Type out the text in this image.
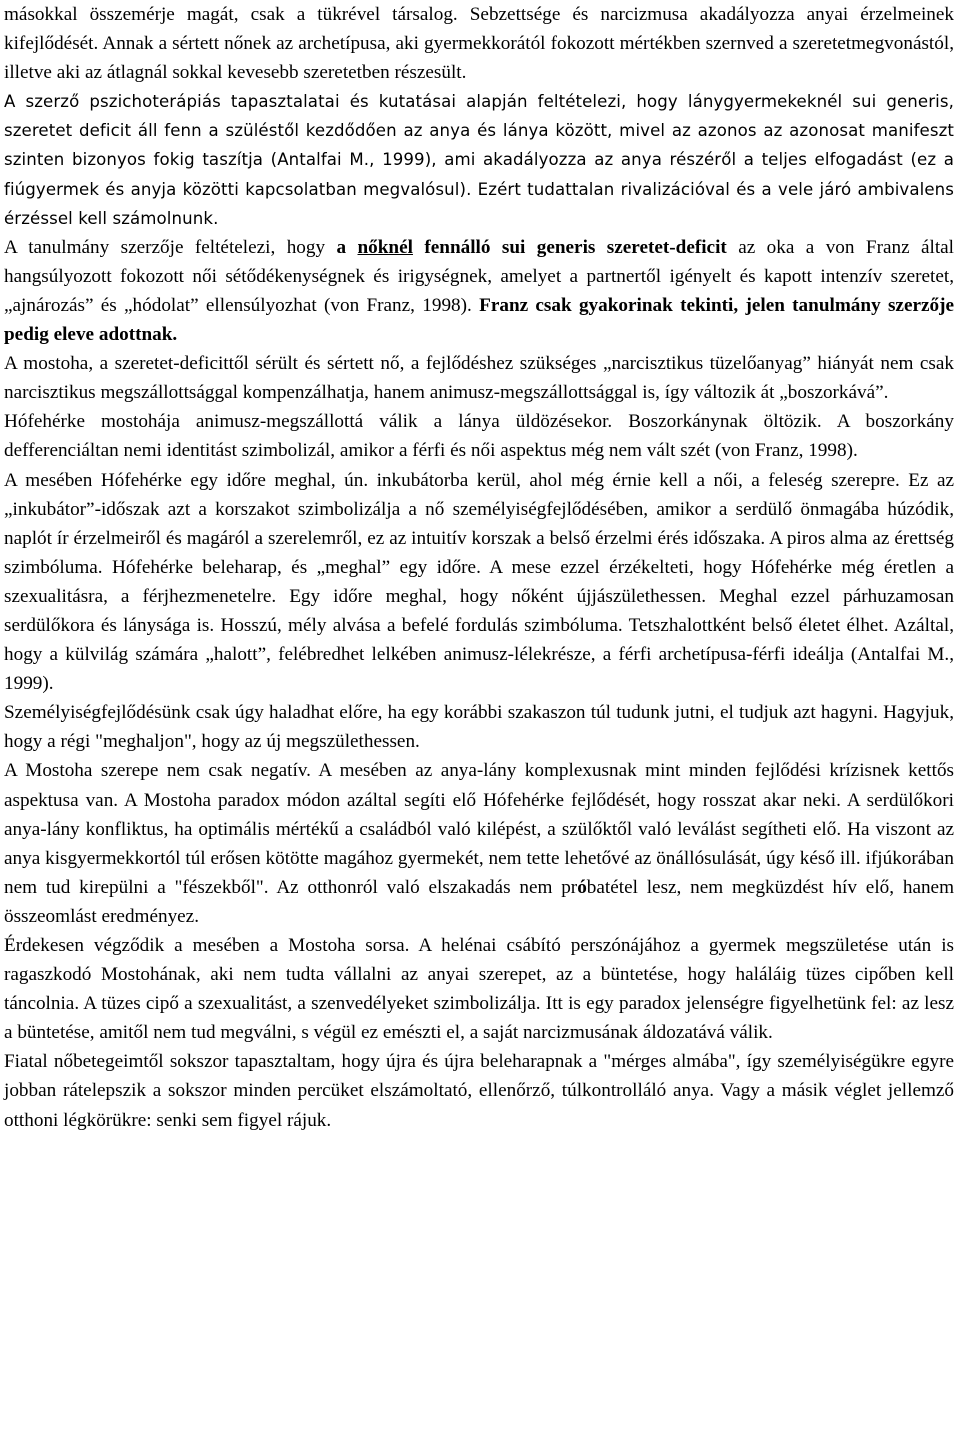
másokkal összemérje magát, csak a tükrével társalog. Sebzettsége és narcizmusa akadályozza anyai érzelmeinek kifejlődését. Annak a sértett nőnek az archetípusa, aki gyermekkorától fokozott mértékben szernved a szeretetmegvonástól, illetve aki az átlagnál sokkal kevesebb szeretetben részesült.

A szerző pszichoterápiás tapasztalatai és kutatásai alapján feltételezi, hogy lánygyermekeknél sui generis, szeretet deficit áll fenn a szüléstől kezdődően az anya és lánya között, mivel az azonos az azonosat manifeszt szinten bizonyos fokig taszítja (Antalfai M., 1999), ami akadályozza az anya részéről a teljes elfogadást (ez a fiúgyermek és anyja közötti kapcsolatban megvalósul). Ezért tudattalan rivalizációval és a vele járó ambivalens érzéssel kell számolnunk.

A tanulmány szerzője feltételezi, hogy a nőknél fennálló sui generis szeretet-deficit az oka a von Franz által hangsúlyozott fokozott női sétődékenységnek és irigységnek, amelyet a partnertől igényelt és kapott intenzív szeretet, „ajnározás” és „hódolat” ellensúlyozhat (von Franz, 1998). Franz csak gyakorinak tekinti, jelen tanulmány szerzője pedig eleve adottnak.

A mostoha, a szeretet-deficittől sérült és sértett nő, a fejlődéshez szükséges „narcisztikus tüzelőanyag” hiányát nem csak narcisztikus megszállottsággal kompenzálhatja, hanem animusz-megszállottsággal is, így változik át „boszorkává”.

Hófehérke mostohája animusz-megszállottá válik a lánya üldözésekor. Boszorkánynak öltözik. A boszorkány defferenciáltan nemi identitást szimbolizál, amikor a férfi és női aspektus még nem vált szét (von Franz, 1998).

A mesében Hófehérke egy időre meghal, ún. inkubátorba kerül, ahol még érnie kell a női, a feleség szerepre. Ez az „inkubátor”-időszak azt a korszakot szimbolizálja a nő személyiségfejlődésében, amikor a serdülő önmagába húzódik, naplót ír érzelmeiről és magáról a szerelemről, ez az intuitív korszak a belső érzelmi érés időszaka. A piros alma az érettség szimbóluma. Hófehérke beleharap, és „meghal” egy időre. A mese ezzel érzékelteti, hogy Hófehérke még éretlen a szexualitásra, a férjhezmenetelre. Egy időre meghal, hogy nőként újjászülethessen. Meghal ezzel párhuzamosan serdülőkora és lánysága is. Hosszú, mély alvása a befelé fordulás szimbóluma. Tetszhalottként belső életet élhet. Azáltal, hogy a külvilág számára „halott”, felébredhet lelkében animusz-lélekrésze, a férfi archetípusa-férfi ideálja (Antalfai M., 1999).

Személyiségfejlődésünk csak úgy haladhat előre, ha egy korábbi szakaszon túl tudunk jutni, el tudjuk azt hagyni. Hagyjuk, hogy a régi "meghaljon", hogy az új megszülethessen.

A Mostoha szerepe nem csak negatív. A mesében az anya-lány komplexusnak mint minden fejlődési krízisnek kettős aspektusa van. A Mostoha paradox módon azáltal segíti elő Hófehérke fejlődését, hogy rosszat akar neki. A serdülőkori anya-lány konfliktus, ha optimális mértékű a családból való kilépést, a szülőktől való leválást segítheti elő. Ha viszont az anya kisgyermekkortól túl erősen kötötte magához gyermekét, nem tette lehetővé az önállósulását, úgy késő ill. ifjúkorában nem tud kirepülni a "fészekből". Az otthonról való elszakadás nem próbatétel lesz, nem megküzdést hív elő, hanem összeomlást eredményez.

Érdekesen végződik a mesében a Mostoha sorsa. A helénai csábító perszónájához a gyermek megszületése után is ragaszkodó Mostohának, aki nem tudta vállalni az anyai szerepet, az a büntetése, hogy haláláig tüzes cipőben kell táncolnia. A tüzes cipő a szexualitást, a szenvedélyeket szimbolizálja. Itt is egy paradox jelenségre figyelhetünk fel: az lesz a büntetése, amitől nem tud megválni, s végül ez emészti el, a saját narcizmusának áldozatává válik.

Fiatal nőbetegeimtől sokszor tapasztaltam, hogy újra és újra beleharapnak a "mérges almába", így személyiségükre egyre jobban rátelepszik a sokszor minden percüket elszámoltató, ellenőrző, túlkontrolláló anya. Vagy a másik véglet jellemző otthoni légkörükre: senki sem figyel rájuk.
